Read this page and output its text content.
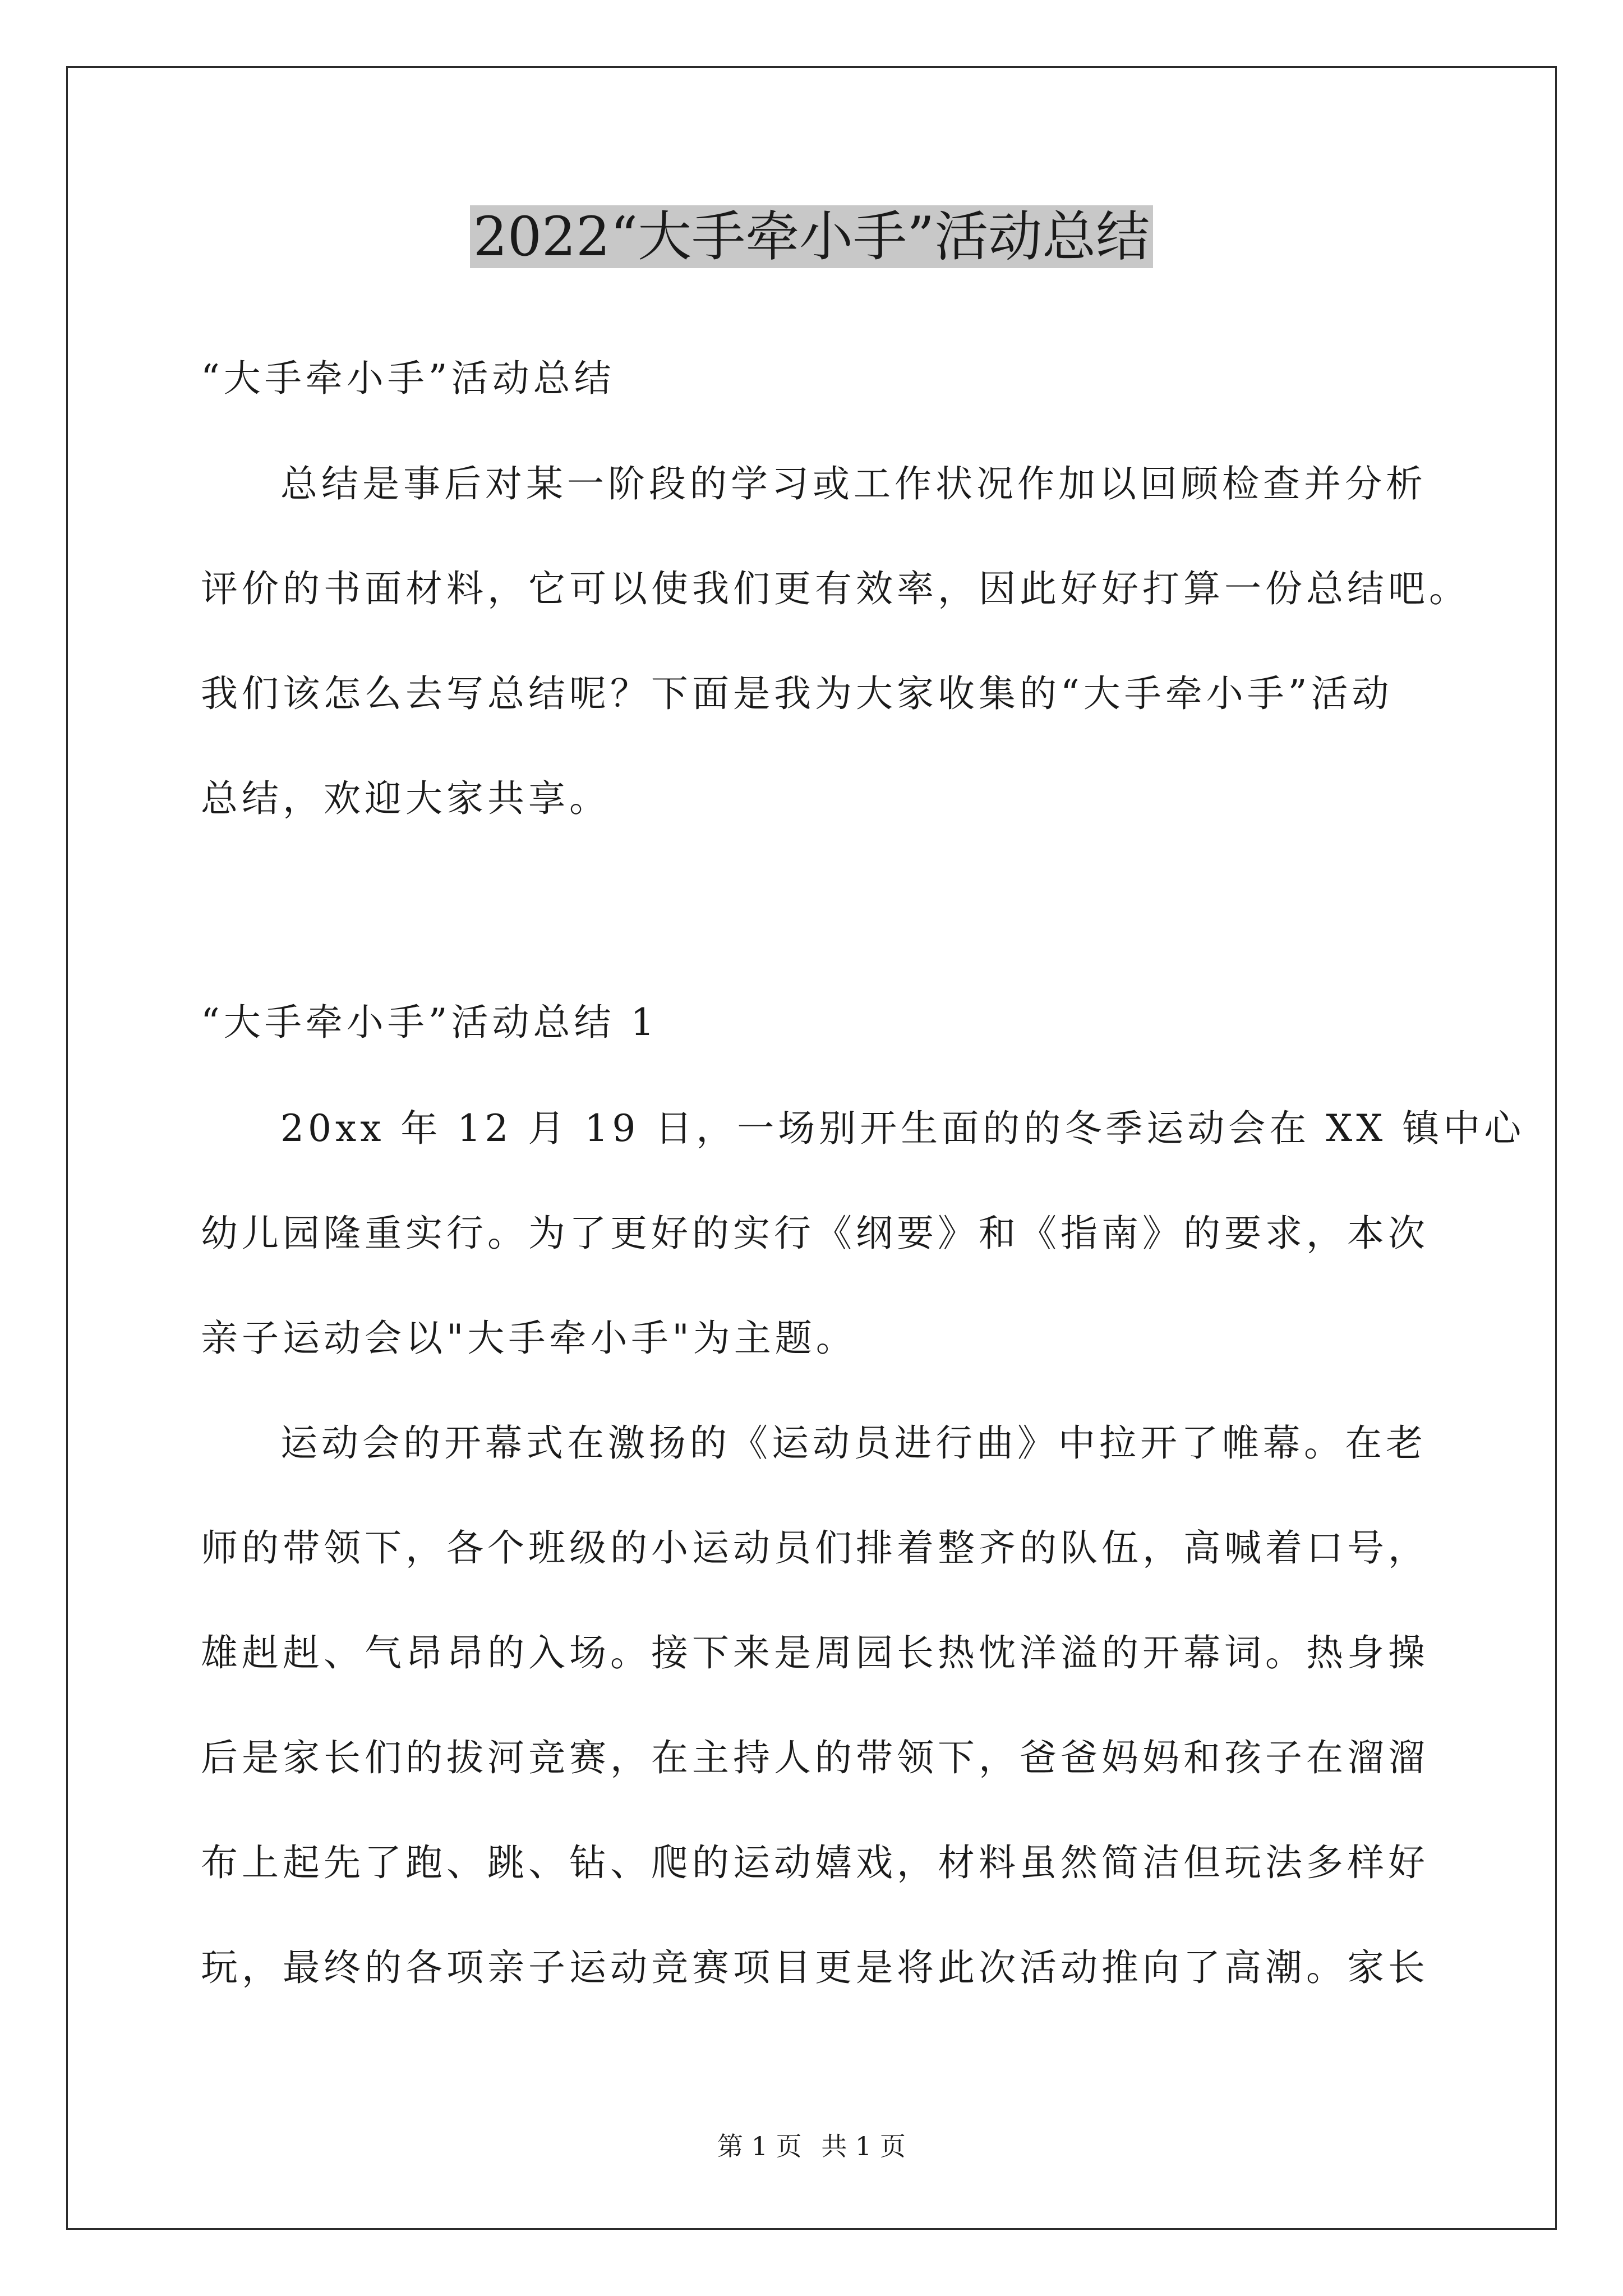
2022“大手牵小手”活动总结
“大手牵小手”活动总结
总结是事后对某一阶段的学习或工作状况作加以回顾检查并分析
评价的书面材料，它可以使我们更有效率，因此好好打算一份总结吧。
我们该怎么去写总结呢？下面是我为大家收集的“大手牵小手”活动
总结，欢迎大家共享。
“大手牵小手”活动总结 1
20xx 年 12 月 19 日，一场别开生面的的冬季运动会在 XX 镇中心
幼儿园隆重实行。为了更好的实行《纲要》和《指南》的要求，本次
亲子运动会以"大手牵小手"为主题。
运动会的开幕式在激扬的《运动员进行曲》中拉开了帷幕。在老
师的带领下，各个班级的小运动员们排着整齐的队伍，高喊着口号，
雄赳赳、气昂昂的入场。接下来是周园长热忱洋溢的开幕词。热身操
后是家长们的拔河竞赛，在主持人的带领下，爸爸妈妈和孩子在溜溜
布上起先了跑、跳、钻、爬的运动嬉戏，材料虽然简洁但玩法多样好
玩，最终的各项亲子运动竞赛项目更是将此次活动推向了高潮。家长
第 1 页 共 1 页
